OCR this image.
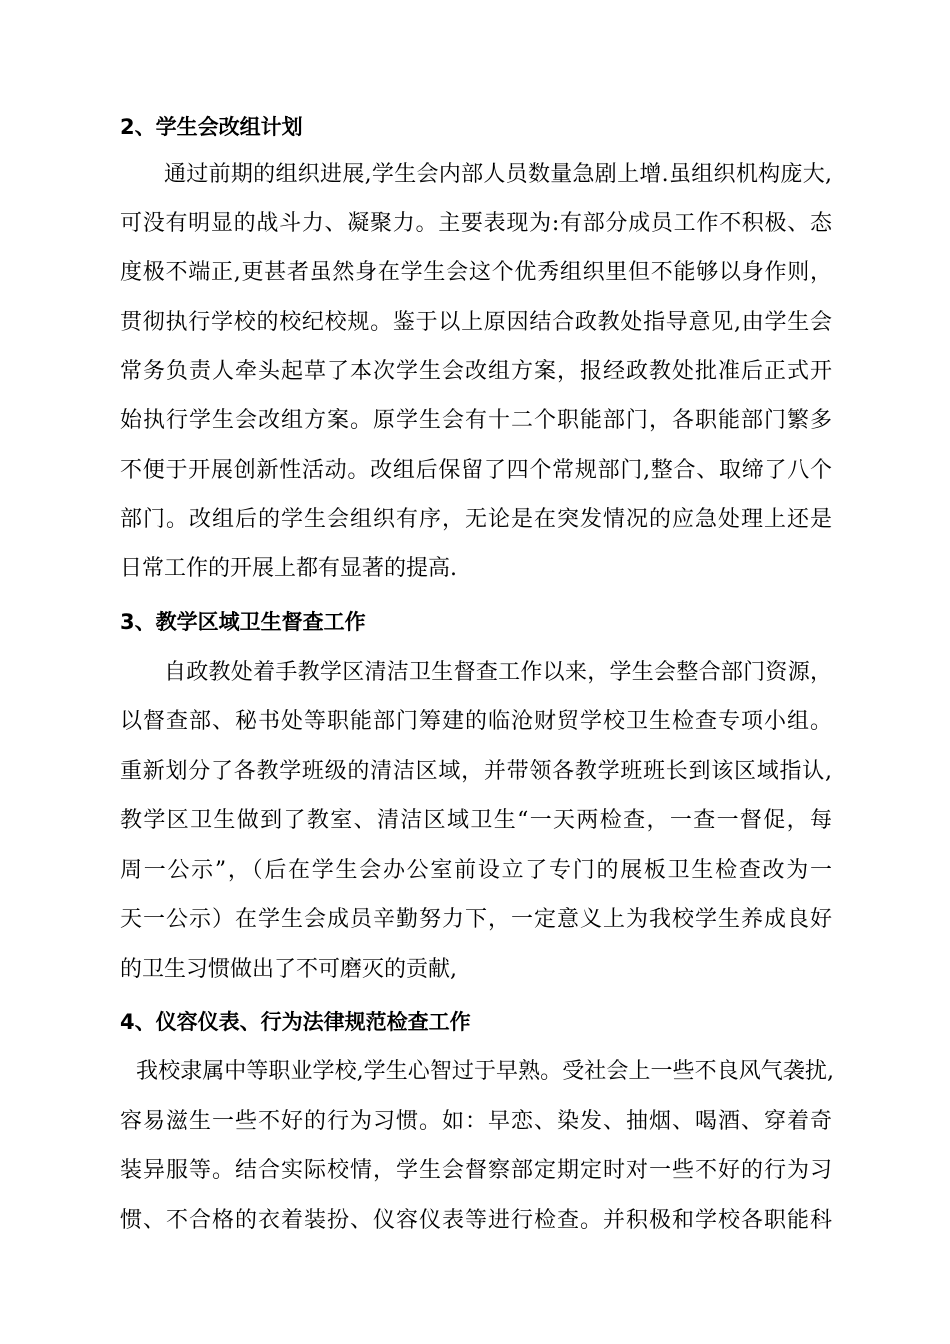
2、学生会改组计划
通过前期的组织进展,学生会内部人员数量急剧上增.虽组织机构庞大,
可没有明显的战斗力、凝聚力。主要表现为:有部分成员工作不积极、态
度极不端正,更甚者虽然身在学生会这个优秀组织里但不能够以身作则，
贯彻执行学校的校纪校规。鉴于以上原因结合政教处指导意见,由学生会
常务负责人牵头起草了本次学生会改组方案，报经政教处批准后正式开
始执行学生会改组方案。原学生会有十二个职能部门，各职能部门繁多
不便于开展创新性活动。改组后保留了四个常规部门,整合、取缔了八个
部门。改组后的学生会组织有序，无论是在突发情况的应急处理上还是
日常工作的开展上都有显著的提高.
3、教学区域卫生督查工作
自政教处着手教学区清洁卫生督查工作以来，学生会整合部门资源，
以督查部、秘书处等职能部门筹建的临沧财贸学校卫生检查专项小组。
重新划分了各教学班级的清洁区域，并带领各教学班班长到该区域指认,
教学区卫生做到了教室、清洁区域卫生“一天两检查，一查一督促，每
周一公示”，（后在学生会办公室前设立了专门的展板卫生检查改为一
天一公示）在学生会成员辛勤努力下，一定意义上为我校学生养成良好
的卫生习惯做出了不可磨灭的贡献,
4、仪容仪表、行为法律规范检查工作
我校隶属中等职业学校,学生心智过于早熟。受社会上一些不良风气袭扰,
容易滋生一些不好的行为习惯。如：早恋、染发、抽烟、喝酒、穿着奇
装异服等。结合实际校情，学生会督察部定期定时对一些不好的行为习
惯、不合格的衣着装扮、仪容仪表等进行检查。并积极和学校各职能科
